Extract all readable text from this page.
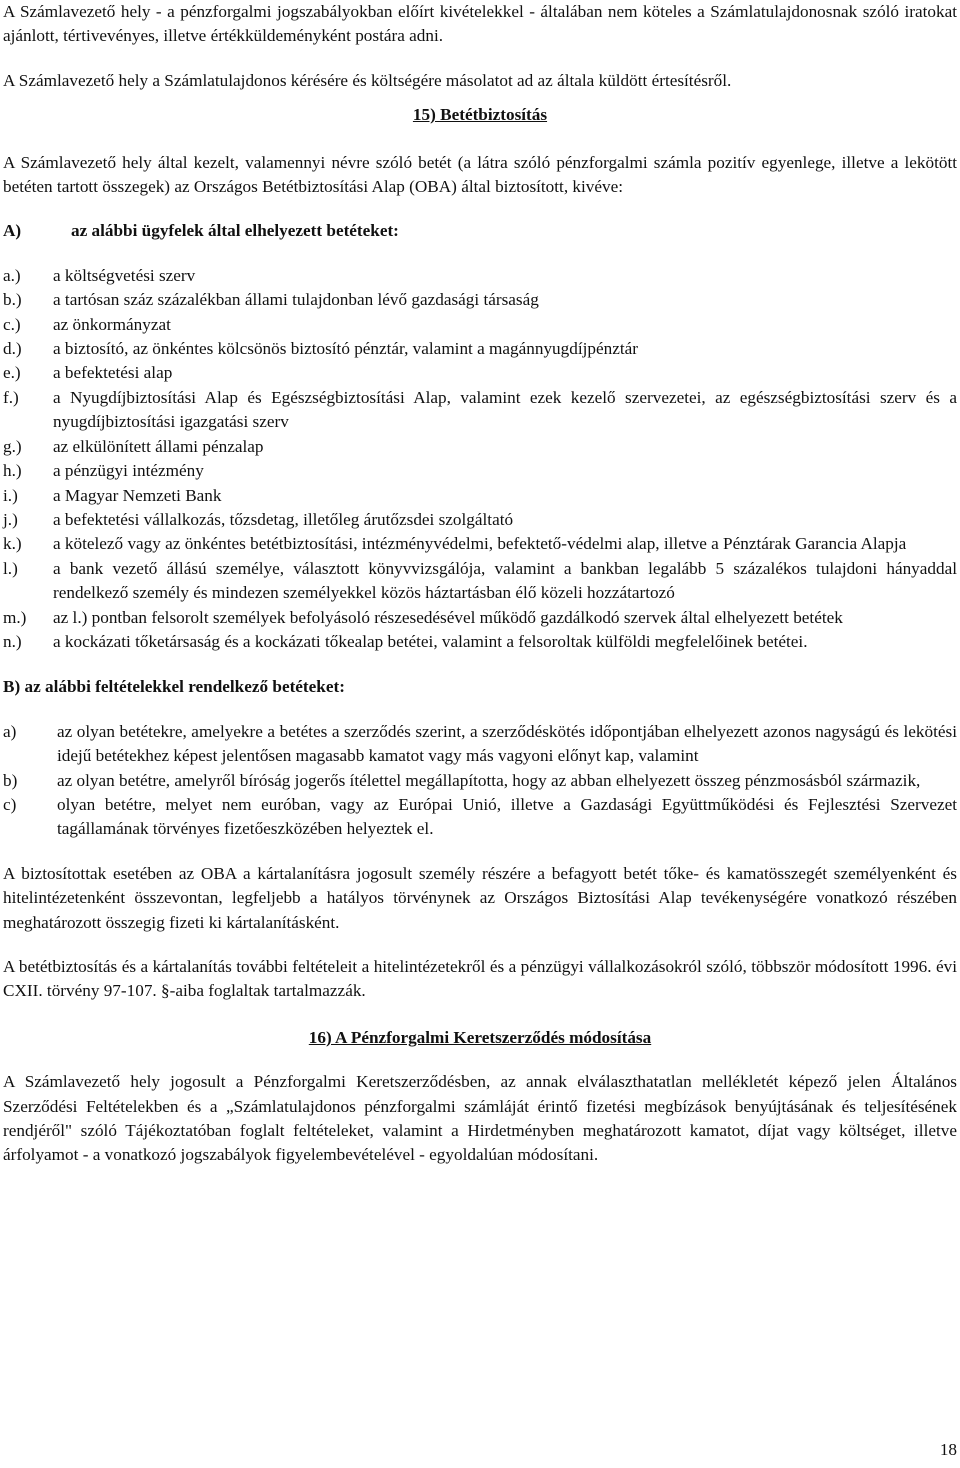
A Számlavezető hely - a pénzforgalmi jogszabályokban előírt kivételekkel - általában nem köteles a Számlatulajdonosnak szóló iratokat ajánlott, tértivevényes, illetve értékküldeményként postára adni.

A Számlavezető hely a Számlatulajdonos kérésére és költségére másolatot ad az általa küldött értesítésről.

15) Betétbiztosítás

A Számlavezető hely által kezelt, valamennyi névre szóló betét (a látra szóló pénzforgalmi számla pozitív egyenlege, illetve a lekötött betéten tartott összegek) az Országos Betétbiztosítási Alap (OBA) által biztosított, kivéve:

A)	az alábbi ügyfelek által elhelyezett betéteket:
a.)	a költségvetési szerv
b.)	a tartósan száz százalékban állami tulajdonban lévő gazdasági társaság
c.)	az önkormányzat
d.)	a biztosító, az önkéntes kölcsönös biztosító pénztár, valamint a magánnyugdíjpénztár
e.)	a befektetési alap
f.)	a Nyugdíjbiztosítási Alap és Egészségbiztosítási Alap, valamint ezek kezelő szervezetei, az egészségbiztosítási szerv és a nyugdíjbiztosítási igazgatási szerv
g.)	az elkülönített állami pénzalap
h.)	a pénzügyi intézmény
i.)	a Magyar Nemzeti Bank
j.)	a befektetési vállalkozás, tőzsdetag, illetőleg árutőzsdei szolgáltató
k.)	a kötelező vagy az önkéntes betétbiztosítási, intézményvédelmi, befektető-védelmi alap, illetve a Pénztárak Garancia Alapja
l.)	a bank vezető állású személye, választott könyvvizsgálója, valamint a bankban legalább 5 százalékos tulajdoni hányaddal rendelkező személy és mindezen személyekkel közös háztartásban élő közeli hozzátartozó
m.)	az l.) pontban felsorolt személyek befolyásoló részesedésével működő gazdálkodó szervek által elhelyezett betétek
n.)	a kockázati tőketársaság és a kockázati tőkealap betétei, valamint a felsoroltak külföldi megfelelőinek betétei.

B) az alábbi feltételekkel rendelkező betéteket:

a)	az olyan betétekre, amelyekre a betétes a szerződés szerint, a szerződéskötés időpontjában elhelyezett azonos nagyságú és lekötési idejű betétekhez képest jelentősen magasabb kamatot vagy más vagyoni előnyt kap, valamint
b)	az olyan betétre, amelyről bíróság jogerős ítélettel megállapította, hogy az abban elhelyezett összeg pénzmosásból származik,
c)	olyan betétre, melyet nem euróban, vagy az Európai Unió, illetve a Gazdasági Együttműködési és Fejlesztési Szervezet tagállamának törvényes fizetőeszközében helyeztek el.

A biztosítottak esetében az OBA a kártalanításra jogosult személy részére a befagyott betét tőke- és kamatösszegét személyenként és hitelintézetenként összevontan, legfeljebb a hatályos törvénynek az Országos Biztosítási Alap tevékenységére vonatkozó részében meghatározott összegig fizeti ki kártalanításként.

A betétbiztosítás és a kártalanítás további feltételeit a hitelintézetekről és a pénzügyi vállalkozásokról szóló, többször módosított 1996. évi CXII. törvény 97-107. §-aiba foglaltak tartalmazzák.

16) A Pénzforgalmi Keretszerződés módosítása

A Számlavezető hely jogosult a Pénzforgalmi Keretszerződésben, az annak elválaszthatatlan mellékletét képező jelen Általános Szerződési Feltételekben és a „Számlatulajdonos pénzforgalmi számláját érintő fizetési megbízások benyújtásának és teljesítésének rendjéről" szóló Tájékoztatóban foglalt feltételeket, valamint a Hirdetményben meghatározott kamatot, díjat vagy költséget, illetve árfolyamot - a vonatkozó jogszabályok figyelembevételével - egyoldalúan módosítani.

18
